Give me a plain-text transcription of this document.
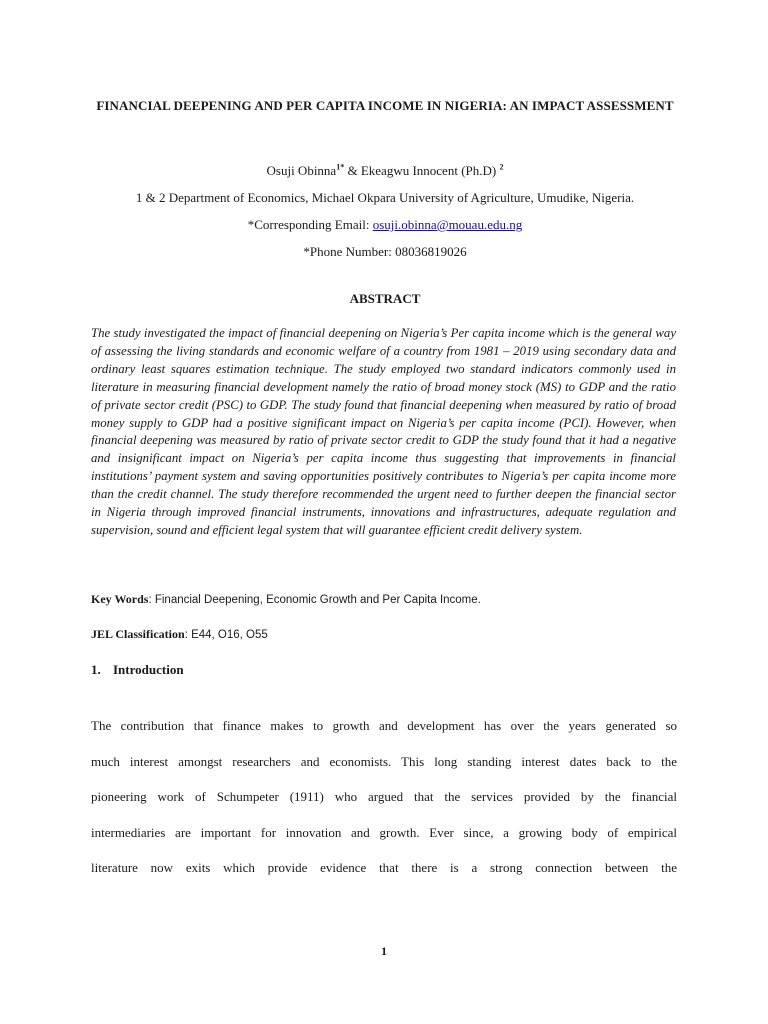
FINANCIAL DEEPENING AND PER CAPITA INCOME IN NIGERIA: AN IMPACT ASSESSMENT
Osuji Obinna$^{1*}$ & Ekeagwu Innocent (Ph.D) $^2$
1 & 2 Department of Economics, Michael Okpara University of Agriculture, Umudike, Nigeria.
*Corresponding Email: osuji.obinna@mouau.edu.ng
*Phone Number: 08036819026
ABSTRACT

The study investigated the impact of financial deepening on Nigeria’s Per capita income which is the general way of assessing the living standards and economic welfare of a country from 1981 – 2019 using secondary data and ordinary least squares estimation technique. The study employed two standard indicators commonly used in literature in measuring financial development namely the ratio of broad money stock (MS) to GDP and the ratio of private sector credit (PSC) to GDP. The study found that financial deepening when measured by ratio of broad money supply to GDP had a positive significant impact on Nigeria’s per capita income (PCI). However, when financial deepening was measured by ratio of private sector credit to GDP the study found that it had a negative and insignificant impact on Nigeria’s per capita income thus suggesting that improvements in financial institutions’ payment system and saving opportunities positively contributes to Nigeria’s per capita income more than the credit channel. The study therefore recommended the urgent need to further deepen the financial sector in Nigeria through improved financial instruments, innovations and infrastructures, adequate regulation and supervision, sound and efficient legal system that will guarantee efficient credit delivery system.

Key Words: Financial Deepening, Economic Growth and Per Capita Income.
JEL Classification: E44, O16, O55
1. Introduction
The contribution that finance makes to growth and development has over the years generated so
much interest amongst researchers and economists. This long standing interest dates back to the
pioneering work of Schumpeter (1911) who argued that the services provided by the financial
intermediaries are important for innovation and growth. Ever since, a growing body of empirical
literature now exits which provide evidence that there is a strong connection between the
1
